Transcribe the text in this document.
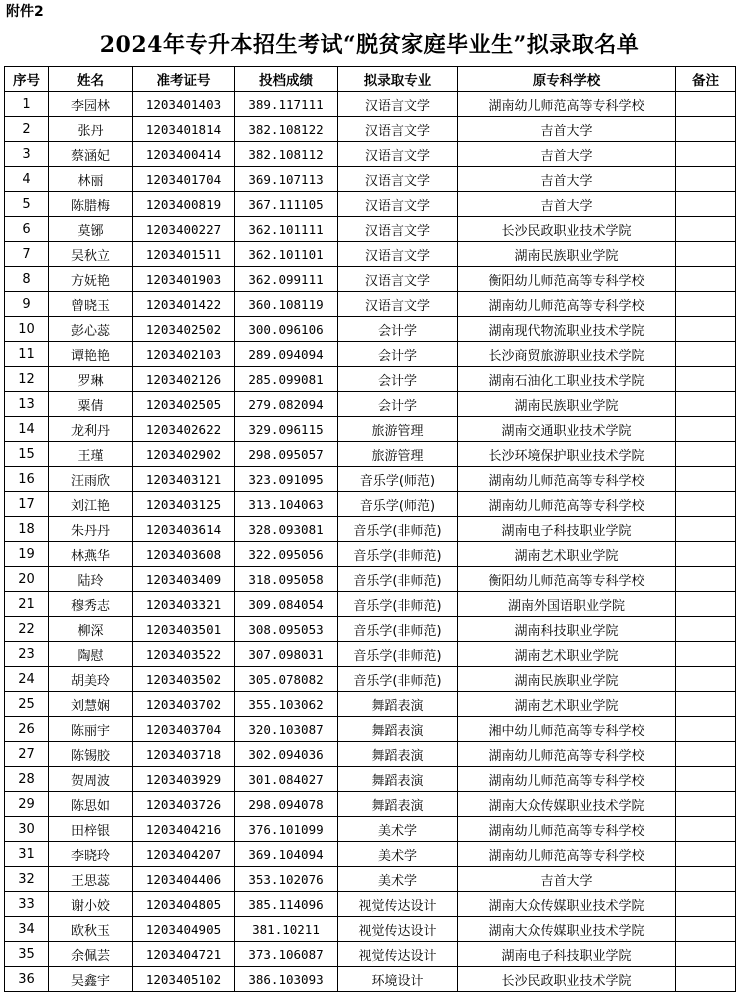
附件2
2024年专升本招生考试“脱贫家庭毕业生”拟录取名单
序号	姓名	准考证号	投档成绩	拟录取专业	原专科学校	备注
1	李园林	1203401403	389.117111	汉语言文学	湖南幼儿师范高等专科学校	
2	张丹	1203401814	382.108122	汉语言文学	吉首大学	
3	蔡涵妃	1203400414	382.108112	汉语言文学	吉首大学	
4	林丽	1203401704	369.107113	汉语言文学	吉首大学	
5	陈腊梅	1203400819	367.111105	汉语言文学	吉首大学	
6	莫铘	1203400227	362.101111	汉语言文学	长沙民政职业技术学院	
7	吴秋立	1203401511	362.101101	汉语言文学	湖南民族职业学院	
8	方妩艳	1203401903	362.099111	汉语言文学	衡阳幼儿师范高等专科学校	
9	曾晓玉	1203401422	360.108119	汉语言文学	湖南幼儿师范高等专科学校	
10	彭心蕊	1203402502	300.096106	会计学	湖南现代物流职业技术学院	
11	谭艳艳	1203402103	289.094094	会计学	长沙商贸旅游职业技术学院	
12	罗琳	1203402126	285.099081	会计学	湖南石油化工职业技术学院	
13	粟倩	1203402505	279.082094	会计学	湖南民族职业学院	
14	龙利丹	1203402622	329.096115	旅游管理	湖南交通职业技术学院	
15	王瑾	1203402902	298.095057	旅游管理	长沙环境保护职业技术学院	
16	汪雨欣	1203403121	323.091095	音乐学(师范)	湖南幼儿师范高等专科学校	
17	刘江艳	1203403125	313.104063	音乐学(师范)	湖南幼儿师范高等专科学校	
18	朱丹丹	1203403614	328.093081	音乐学(非师范)	湖南电子科技职业学院	
19	林燕华	1203403608	322.095056	音乐学(非师范)	湖南艺术职业学院	
20	陆玲	1203403409	318.095058	音乐学(非师范)	衡阳幼儿师范高等专科学校	
21	穆秀志	1203403321	309.084054	音乐学(非师范)	湖南外国语职业学院	
22	柳深	1203403501	308.095053	音乐学(非师范)	湖南科技职业学院	
23	陶慰	1203403522	307.098031	音乐学(非师范)	湖南艺术职业学院	
24	胡美玲	1203403502	305.078082	音乐学(非师范)	湖南民族职业学院	
25	刘慧娴	1203403702	355.103062	舞蹈表演	湖南艺术职业学院	
26	陈丽宇	1203403704	320.103087	舞蹈表演	湘中幼儿师范高等专科学校	
27	陈锡胶	1203403718	302.094036	舞蹈表演	湖南幼儿师范高等专科学校	
28	贺周波	1203403929	301.084027	舞蹈表演	湖南幼儿师范高等专科学校	
29	陈思如	1203403726	298.094078	舞蹈表演	湖南大众传媒职业技术学院	
30	田梓银	1203404216	376.101099	美术学	湖南幼儿师范高等专科学校	
31	李晓玲	1203404207	369.104094	美术学	湖南幼儿师范高等专科学校	
32	王思蕊	1203404406	353.102076	美术学	吉首大学	
33	谢小姣	1203404805	385.114096	视觉传达设计	湖南大众传媒职业技术学院	
34	欧秋玉	1203404905	381.10211	视觉传达设计	湖南大众传媒职业技术学院	
35	余佩芸	1203404721	373.106087	视觉传达设计	湖南电子科技职业学院	
36	吴鑫宇	1203405102	386.103093	环境设计	长沙民政职业技术学院	
